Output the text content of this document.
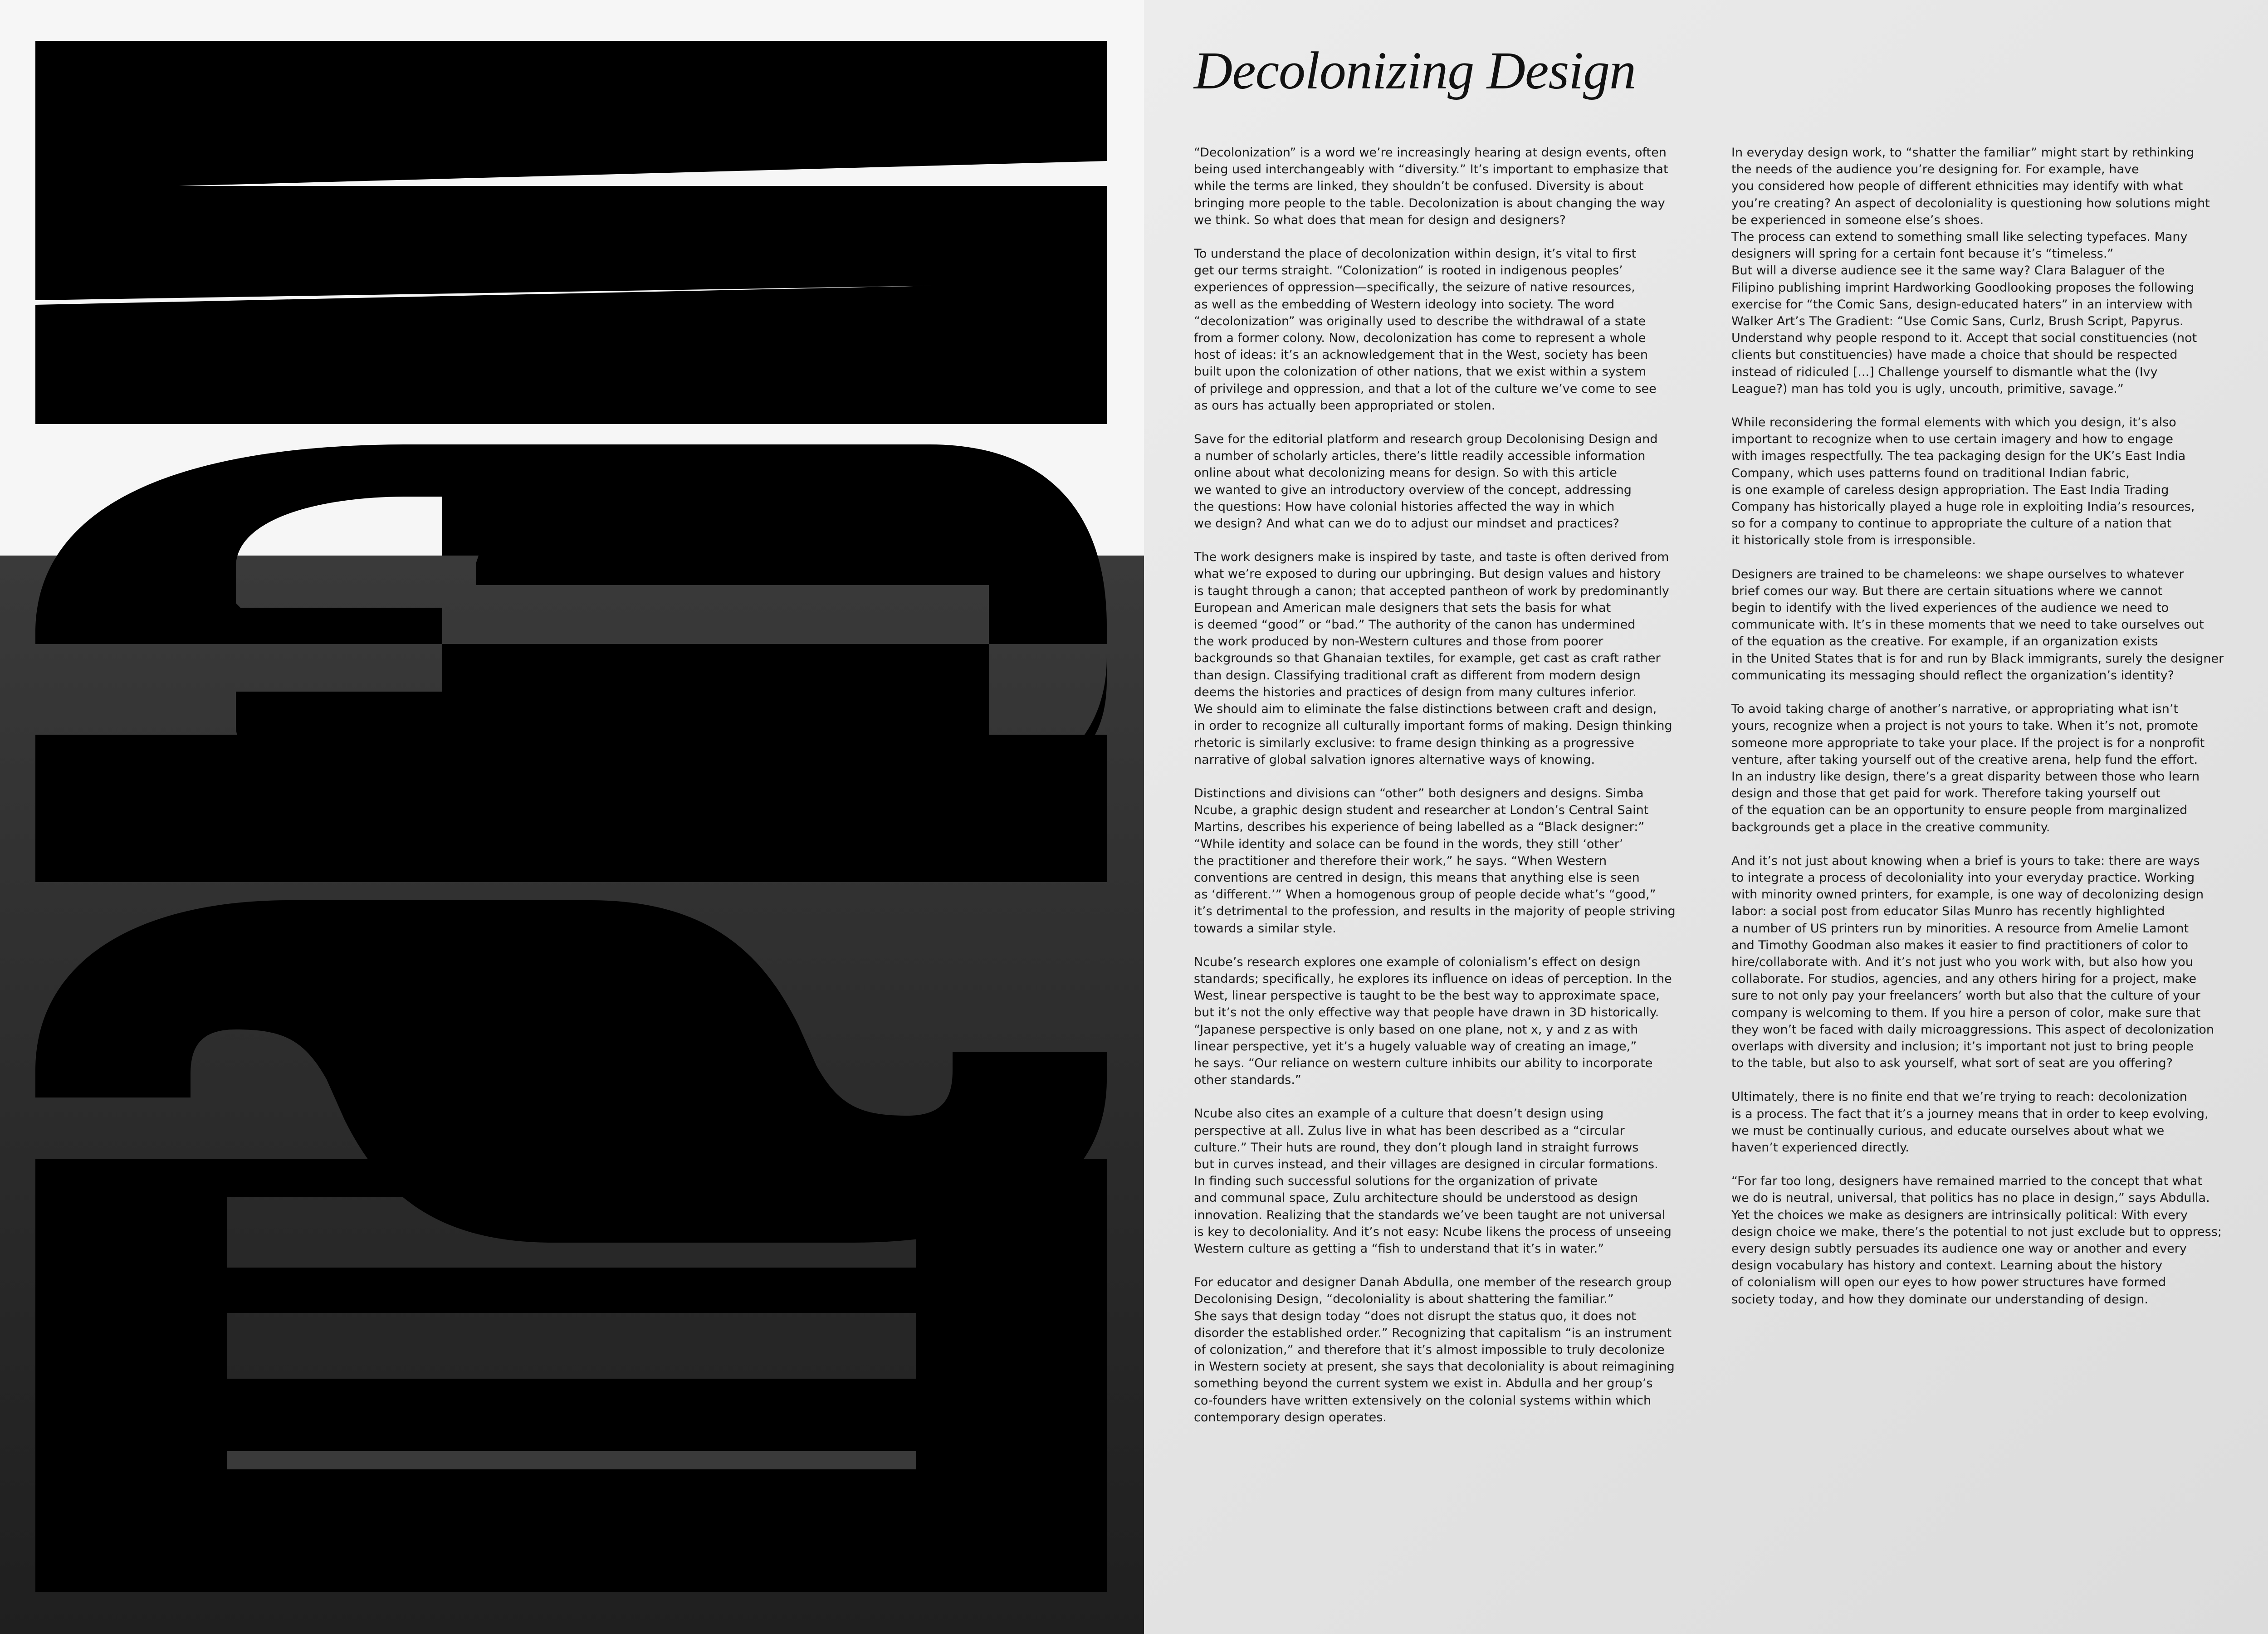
Decolonizing Design

“Decolonization” is a word we’re increasingly hearing at design events, often
being used interchangeably with “diversity.” It’s important to emphasize that
while the terms are linked, they shouldn’t be confused. Diversity is about
bringing more people to the table. Decolonization is about changing the way
we think. So what does that mean for design and designers?

To understand the place of decolonization within design, it’s vital to first
get our terms straight. “Colonization” is rooted in indigenous peoples’
experiences of oppression—specifically, the seizure of native resources,
as well as the embedding of Western ideology into society. The word
“decolonization” was originally used to describe the withdrawal of a state
from a former colony. Now, decolonization has come to represent a whole
host of ideas: it’s an acknowledgement that in the West, society has been
built upon the colonization of other nations, that we exist within a system
of privilege and oppression, and that a lot of the culture we’ve come to see
as ours has actually been appropriated or stolen.

Save for the editorial platform and research group Decolonising Design and
a number of scholarly articles, there’s little readily accessible information
online about what decolonizing means for design. So with this article
we wanted to give an introductory overview of the concept, addressing
the questions: How have colonial histories affected the way in which
we design? And what can we do to adjust our mindset and practices?

The work designers make is inspired by taste, and taste is often derived from
what we’re exposed to during our upbringing. But design values and history
is taught through a canon; that accepted pantheon of work by predominantly
European and American male designers that sets the basis for what
is deemed “good” or “bad.” The authority of the canon has undermined
the work produced by non-Western cultures and those from poorer
backgrounds so that Ghanaian textiles, for example, get cast as craft rather
than design. Classifying traditional craft as different from modern design
deems the histories and practices of design from many cultures inferior.
We should aim to eliminate the false distinctions between craft and design,
in order to recognize all culturally important forms of making. Design thinking
rhetoric is similarly exclusive: to frame design thinking as a progressive
narrative of global salvation ignores alternative ways of knowing.

Distinctions and divisions can “other” both designers and designs. Simba
Ncube, a graphic design student and researcher at London’s Central Saint
Martins, describes his experience of being labelled as a “Black designer:”
“While identity and solace can be found in the words, they still ‘other’
the practitioner and therefore their work,” he says. “When Western
conventions are centred in design, this means that anything else is seen
as ‘different.’” When a homogenous group of people decide what’s “good,”
it’s detrimental to the profession, and results in the majority of people striving
towards a similar style.

Ncube’s research explores one example of colonialism’s effect on design
standards; specifically, he explores its influence on ideas of perception. In the
West, linear perspective is taught to be the best way to approximate space,
but it’s not the only effective way that people have drawn in 3D historically.
“Japanese perspective is only based on one plane, not x, y and z as with
linear perspective, yet it’s a hugely valuable way of creating an image,”
he says. “Our reliance on western culture inhibits our ability to incorporate
other standards.”

Ncube also cites an example of a culture that doesn’t design using
perspective at all. Zulus live in what has been described as a “circular
culture.” Their huts are round, they don’t plough land in straight furrows
but in curves instead, and their villages are designed in circular formations.
In finding such successful solutions for the organization of private
and communal space, Zulu architecture should be understood as design
innovation. Realizing that the standards we’ve been taught are not universal
is key to decoloniality. And it’s not easy: Ncube likens the process of unseeing
Western culture as getting a “fish to understand that it’s in water.”

For educator and designer Danah Abdulla, one member of the research group
Decolonising Design, “decoloniality is about shattering the familiar.”
She says that design today “does not disrupt the status quo, it does not
disorder the established order.” Recognizing that capitalism “is an instrument
of colonization,” and therefore that it’s almost impossible to truly decolonize
in Western society at present, she says that decoloniality is about reimagining
something beyond the current system we exist in. Abdulla and her group’s
co-founders have written extensively on the colonial systems within which
contemporary design operates.

In everyday design work, to “shatter the familiar” might start by rethinking
the needs of the audience you’re designing for. For example, have
you considered how people of different ethnicities may identify with what
you’re creating? An aspect of decoloniality is questioning how solutions might
be experienced in someone else’s shoes.
The process can extend to something small like selecting typefaces. Many
designers will spring for a certain font because it’s “timeless.”
But will a diverse audience see it the same way? Clara Balaguer of the
Filipino publishing imprint Hardworking Goodlooking proposes the following
exercise for “the Comic Sans, design-educated haters” in an interview with
Walker Art’s The Gradient: “Use Comic Sans, Curlz, Brush Script, Papyrus.
Understand why people respond to it. Accept that social constituencies (not
clients but constituencies) have made a choice that should be respected
instead of ridiculed [...] Challenge yourself to dismantle what the (Ivy
League?) man has told you is ugly, uncouth, primitive, savage.”

While reconsidering the formal elements with which you design, it’s also
important to recognize when to use certain imagery and how to engage
with images respectfully. The tea packaging design for the UK’s East India
Company, which uses patterns found on traditional Indian fabric,
is one example of careless design appropriation. The East India Trading
Company has historically played a huge role in exploiting India’s resources,
so for a company to continue to appropriate the culture of a nation that
it historically stole from is irresponsible.

Designers are trained to be chameleons: we shape ourselves to whatever
brief comes our way. But there are certain situations where we cannot
begin to identify with the lived experiences of the audience we need to
communicate with. It’s in these moments that we need to take ourselves out
of the equation as the creative. For example, if an organization exists
in the United States that is for and run by Black immigrants, surely the designer
communicating its messaging should reflect the organization’s identity?

To avoid taking charge of another’s narrative, or appropriating what isn’t
yours, recognize when a project is not yours to take. When it’s not, promote
someone more appropriate to take your place. If the project is for a nonprofit
venture, after taking yourself out of the creative arena, help fund the effort.
In an industry like design, there’s a great disparity between those who learn
design and those that get paid for work. Therefore taking yourself out
of the equation can be an opportunity to ensure people from marginalized
backgrounds get a place in the creative community.

And it’s not just about knowing when a brief is yours to take: there are ways
to integrate a process of decoloniality into your everyday practice. Working
with minority owned printers, for example, is one way of decolonizing design
labor: a social post from educator Silas Munro has recently highlighted
a number of US printers run by minorities. A resource from Amelie Lamont
and Timothy Goodman also makes it easier to find practitioners of color to
hire/collaborate with. And it’s not just who you work with, but also how you
collaborate. For studios, agencies, and any others hiring for a project, make
sure to not only pay your freelancers’ worth but also that the culture of your
company is welcoming to them. If you hire a person of color, make sure that
they won’t be faced with daily microaggressions. This aspect of decolonization
overlaps with diversity and inclusion; it’s important not just to bring people
to the table, but also to ask yourself, what sort of seat are you offering?

Ultimately, there is no finite end that we’re trying to reach: decolonization
is a process. The fact that it’s a journey means that in order to keep evolving,
we must be continually curious, and educate ourselves about what we
haven’t experienced directly.

“For far too long, designers have remained married to the concept that what
we do is neutral, universal, that politics has no place in design,” says Abdulla.
Yet the choices we make as designers are intrinsically political: With every
design choice we make, there’s the potential to not just exclude but to oppress;
every design subtly persuades its audience one way or another and every
design vocabulary has history and context. Learning about the history
of colonialism will open our eyes to how power structures have formed
society today, and how they dominate our understanding of design.
